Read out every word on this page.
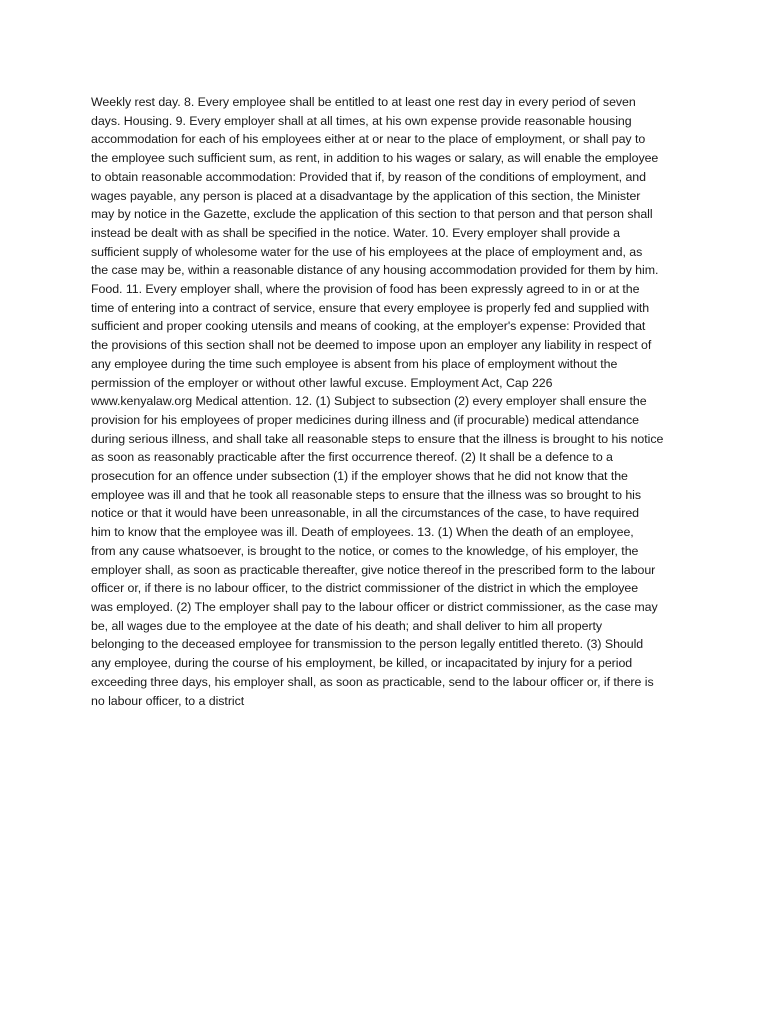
Weekly rest day. 8. Every employee shall be entitled to at least one rest day in every period of seven
days. Housing. 9. Every employer shall at all times, at his own expense provide reasonable housing
accommodation for each of his employees either at or near to the place of employment, or shall pay to
the employee such sufficient sum, as rent, in addition to his wages or salary, as will enable the employee
to obtain reasonable accommodation: Provided that if, by reason of the conditions of employment, and
wages payable, any person is placed at a disadvantage by the application of this section, the Minister
may by notice in the Gazette, exclude the application of this section to that person and that person shall
instead be dealt with as shall be specified in the notice. Water. 10. Every employer shall provide a
sufficient supply of wholesome water for the use of his employees at the place of employment and, as
the case may be, within a reasonable distance of any housing accommodation provided for them by him.
Food. 11. Every employer shall, where the provision of food has been expressly agreed to in or at the
time of entering into a contract of service, ensure that every employee is properly fed and supplied with
sufficient and proper cooking utensils and means of cooking, at the employer's expense: Provided that
the provisions of this section shall not be deemed to impose upon an employer any liability in respect of
any employee during the time such employee is absent from his place of employment without the
permission of the employer or without other lawful excuse. Employment Act, Cap 226
www.kenyalaw.org Medical attention. 12. (1) Subject to subsection (2) every employer shall ensure the
provision for his employees of proper medicines during illness and (if procurable) medical attendance
during serious illness, and shall take all reasonable steps to ensure that the illness is brought to his notice
as soon as reasonably practicable after the first occurrence thereof. (2) It shall be a defence to a
prosecution for an offence under subsection (1) if the employer shows that he did not know that the
employee was ill and that he took all reasonable steps to ensure that the illness was so brought to his
notice or that it would have been unreasonable, in all the circumstances of the case, to have required
him to know that the employee was ill. Death of employees. 13. (1) When the death of an employee,
from any cause whatsoever, is brought to the notice, or comes to the knowledge, of his employer, the
employer shall, as soon as practicable thereafter, give notice thereof in the prescribed form to the labour
officer or, if there is no labour officer, to the district commissioner of the district in which the employee
was employed. (2) The employer shall pay to the labour officer or district commissioner, as the case may
be, all wages due to the employee at the date of his death; and shall deliver to him all property
belonging to the deceased employee for transmission to the person legally entitled thereto. (3) Should
any employee, during the course of his employment, be killed, or incapacitated by injury for a period
exceeding three days, his employer shall, as soon as practicable, send to the labour officer or, if there is
no labour officer, to a district
